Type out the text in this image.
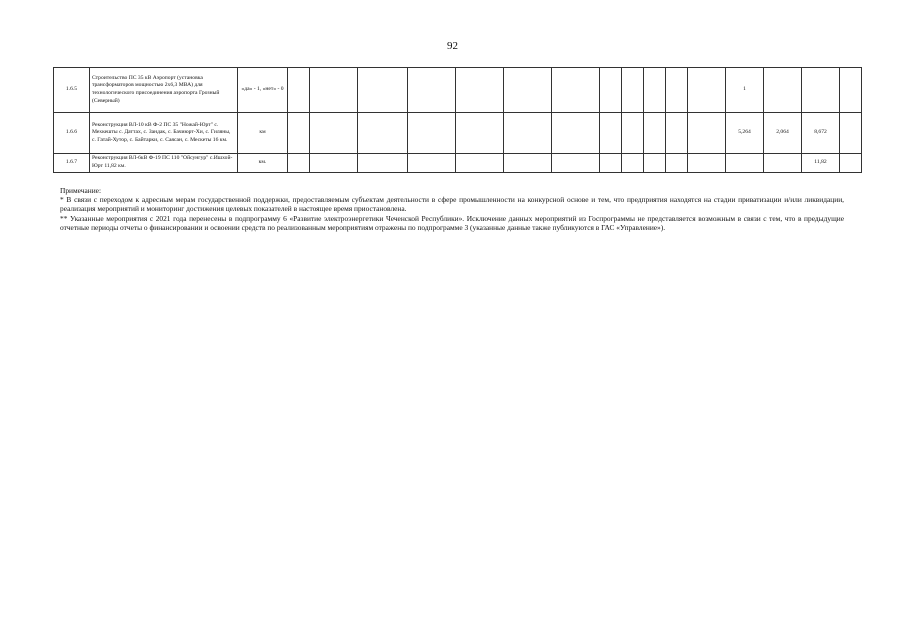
92
1.6.5	Строительство ПС 35 кВ Аэропорт (установка трансформаторов мощностью 2х6,3 МВА) для технологического присоединения аэропорта Грозный (Северный)	«да» - 1, «нет» - 0													1			
1.6.6	Реконструкция ВЛ-10 кВ Ф-2 ПС 35 "Ножай-Юрт" с. Мехкешты с. Даттах, с. Зандак, с. Бачиюрт-Хи, с. Гиляны, с. Гатай-Хутор, с. Байтарки, с. Саясан, с. Мескеты 16 км.	км													5,264	2,064	8,672	
1.6.7	Реконструкция ВЛ-6кВ Ф-19 ПС 110 "Ойсунгур" с.Ишхой-Юрт 11,82 км.	км.															11,82	

Примечание:

* В связи с переходом к адресным мерам государственной поддержки, предоставляемым субъектам деятельности в сфере промышленности на конкурсной основе и тем, что предприятия находятся на стадии приватизации и/или ликвидации, реализация мероприятий и мониторинг достижения целевых показателей в настоящее время приостановлена.

** Указанные мероприятия с 2021 года перенесены в подпрограмму 6 «Развитие электроэнергетики Чеченской Республики». Исключение данных мероприятий из Госпрограммы не представляется возможным в связи с тем, что в предыдущие отчетные периоды отчеты о финансировании и освоении средств по реализованным мероприятиям отражены по подпрограмме 3 (указанные данные также публикуются в ГАС «Управление»).
